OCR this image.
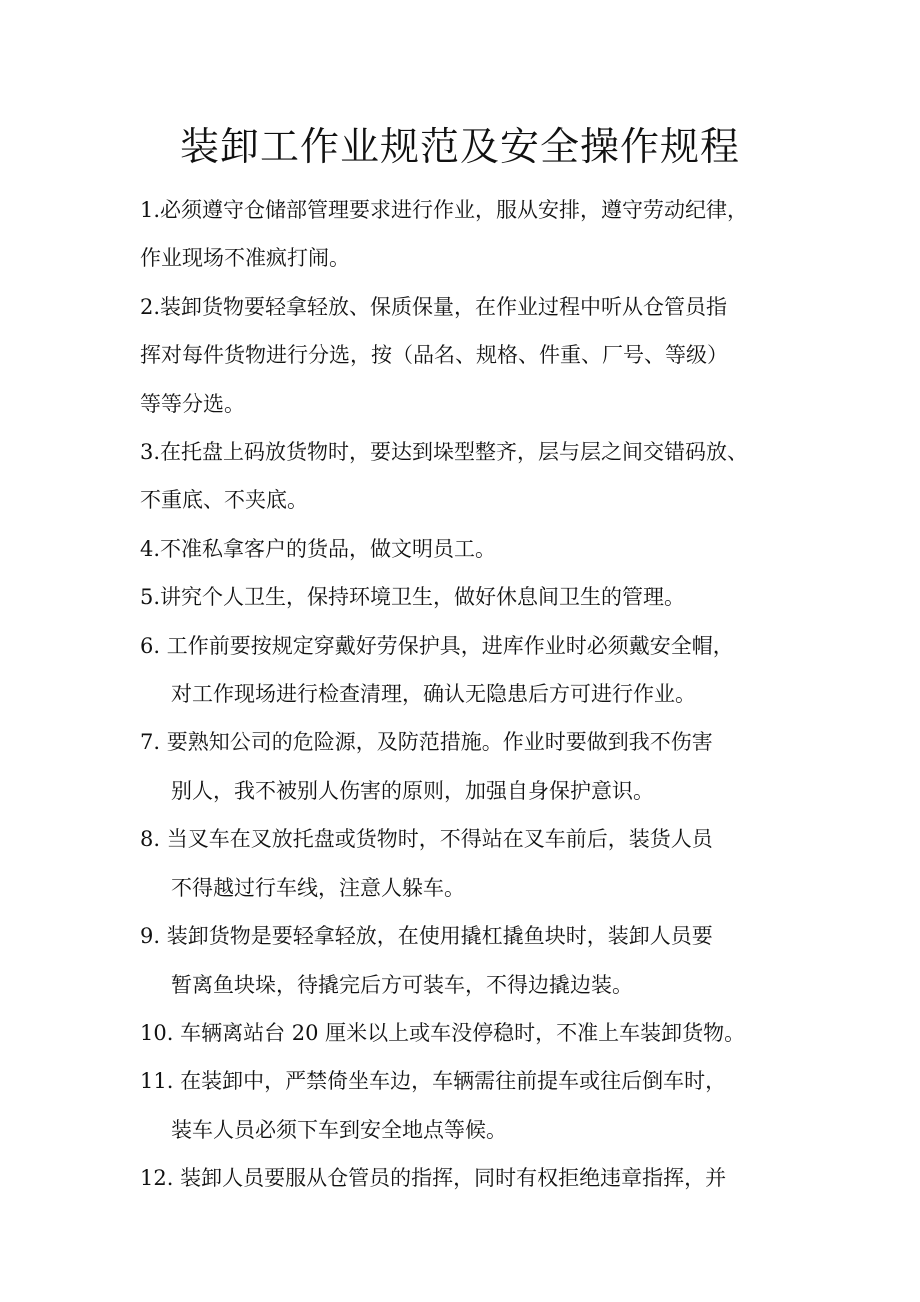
装卸工作业规范及安全操作规程

1.必须遵守仓储部管理要求进行作业，服从安排，遵守劳动纪律，
作业现场不准疯打闹。

2.装卸货物要轻拿轻放、保质保量，在作业过程中听从仓管员指
挥对每件货物进行分选，按（品名、规格、件重、厂号、等级）
等等分选。

3.在托盘上码放货物时，要达到垛型整齐，层与层之间交错码放、
不重底、不夹底。

4.不准私拿客户的货品，做文明员工。

5.讲究个人卫生，保持环境卫生，做好休息间卫生的管理。

6. 工作前要按规定穿戴好劳保护具，进库作业时必须戴安全帽，
对工作现场进行检查清理，确认无隐患后方可进行作业。

7. 要熟知公司的危险源，及防范措施。作业时要做到我不伤害
别人，我不被别人伤害的原则，加强自身保护意识。

8. 当叉车在叉放托盘或货物时，不得站在叉车前后，装货人员
不得越过行车线，注意人躲车。

9. 装卸货物是要轻拿轻放，在使用撬杠撬鱼块时，装卸人员要
暂离鱼块垛，待撬完后方可装车，不得边撬边装。

10. 车辆离站台 20 厘米以上或车没停稳时，不准上车装卸货物。

11. 在装卸中，严禁倚坐车边，车辆需往前提车或往后倒车时，
装车人员必须下车到安全地点等候。

12. 装卸人员要服从仓管员的指挥，同时有权拒绝违章指挥，并
